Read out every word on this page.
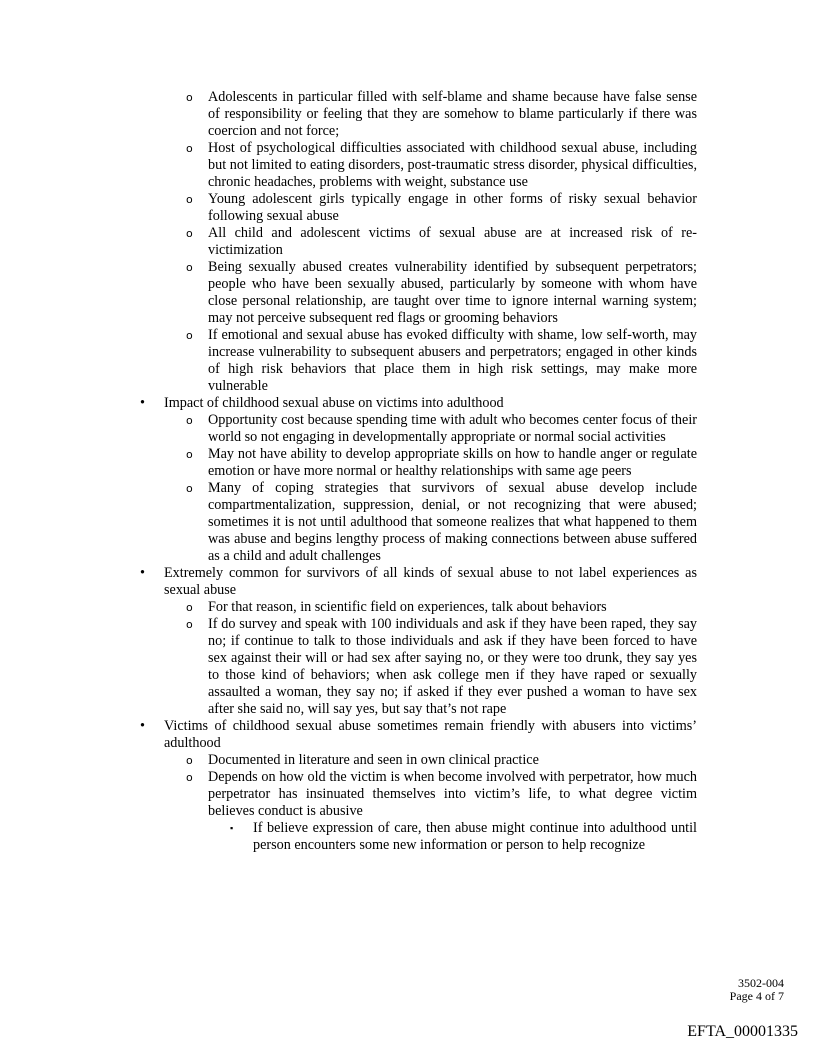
o Adolescents in particular filled with self-blame and shame because have false sense of responsibility or feeling that they are somehow to blame particularly if there was coercion and not force;
o Host of psychological difficulties associated with childhood sexual abuse, including but not limited to eating disorders, post-traumatic stress disorder, physical difficulties, chronic headaches, problems with weight, substance use
o Young adolescent girls typically engage in other forms of risky sexual behavior following sexual abuse
o All child and adolescent victims of sexual abuse are at increased risk of re-victimization
o Being sexually abused creates vulnerability identified by subsequent perpetrators; people who have been sexually abused, particularly by someone with whom have close personal relationship, are taught over time to ignore internal warning system; may not perceive subsequent red flags or grooming behaviors
o If emotional and sexual abuse has evoked difficulty with shame, low self-worth, may increase vulnerability to subsequent abusers and perpetrators; engaged in other kinds of high risk behaviors that place them in high risk settings, may make more vulnerable
• Impact of childhood sexual abuse on victims into adulthood
o Opportunity cost because spending time with adult who becomes center focus of their world so not engaging in developmentally appropriate or normal social activities
o May not have ability to develop appropriate skills on how to handle anger or regulate emotion or have more normal or healthy relationships with same age peers
o Many of coping strategies that survivors of sexual abuse develop include compartmentalization, suppression, denial, or not recognizing that were abused; sometimes it is not until adulthood that someone realizes that what happened to them was abuse and begins lengthy process of making connections between abuse suffered as a child and adult challenges
• Extremely common for survivors of all kinds of sexual abuse to not label experiences as sexual abuse
o For that reason, in scientific field on experiences, talk about behaviors
o If do survey and speak with 100 individuals and ask if they have been raped, they say no; if continue to talk to those individuals and ask if they have been forced to have sex against their will or had sex after saying no, or they were too drunk, they say yes to those kind of behaviors; when ask college men if they have raped or sexually assaulted a woman, they say no; if asked if they ever pushed a woman to have sex after she said no, will say yes, but say that’s not rape
• Victims of childhood sexual abuse sometimes remain friendly with abusers into victims’ adulthood
o Documented in literature and seen in own clinical practice
o Depends on how old the victim is when become involved with perpetrator, how much perpetrator has insinuated themselves into victim’s life, to what degree victim believes conduct is abusive
▪ If believe expression of care, then abuse might continue into adulthood until person encounters some new information or person to help recognize
3502-004
Page 4 of 7
EFTA_00001335
